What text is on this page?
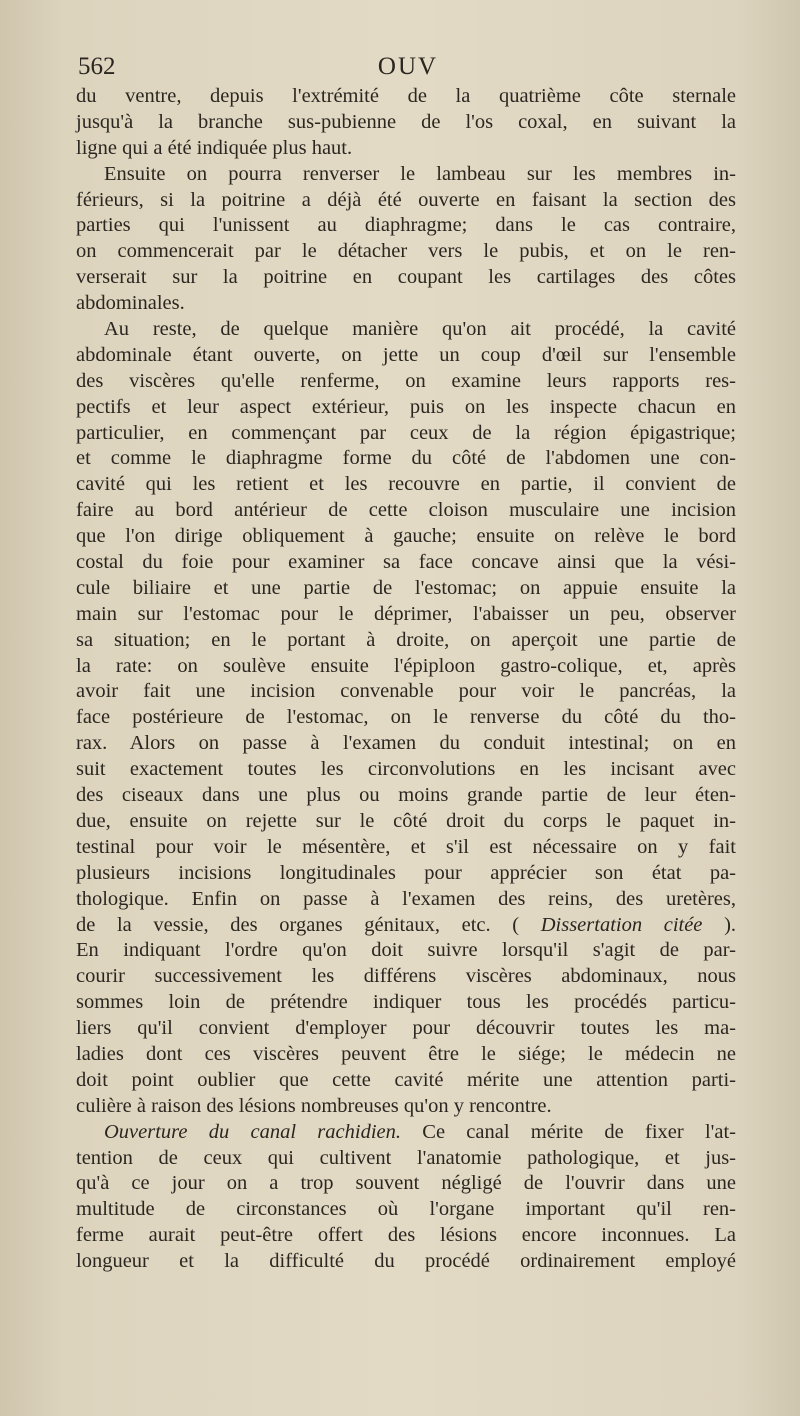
562	OUV
du ventre, depuis l'extrémité de la quatrième côte sternale
jusqu'à la branche sus-pubienne de l'os coxal, en suivant la
ligne qui a été indiquée plus haut.
Ensuite on pourra renverser le lambeau sur les membres in-
férieurs, si la poitrine a déjà été ouverte en faisant la section des
parties qui l'unissent au diaphragme; dans le cas contraire,
on commencerait par le détacher vers le pubis, et on le ren-
verserait sur la poitrine en coupant les cartilages des côtes
abdominales.
Au reste, de quelque manière qu'on ait procédé, la cavité
abdominale étant ouverte, on jette un coup d'œil sur l'ensemble
des viscères qu'elle renferme, on examine leurs rapports res-
pectifs et leur aspect extérieur, puis on les inspecte chacun en
particulier, en commençant par ceux de la région épigastrique;
et comme le diaphragme forme du côté de l'abdomen une con-
cavité qui les retient et les recouvre en partie, il convient de
faire au bord antérieur de cette cloison musculaire une incision
que l'on dirige obliquement à gauche; ensuite on relève le bord
costal du foie pour examiner sa face concave ainsi que la vési-
cule biliaire et une partie de l'estomac; on appuie ensuite la
main sur l'estomac pour le déprimer, l'abaisser un peu, observer
sa situation; en le portant à droite, on aperçoit une partie de
la rate: on soulève ensuite l'épiploon gastro-colique, et, après
avoir fait une incision convenable pour voir le pancréas, la
face postérieure de l'estomac, on le renverse du côté du tho-
rax. Alors on passe à l'examen du conduit intestinal; on en
suit exactement toutes les circonvolutions en les incisant avec
des ciseaux dans une plus ou moins grande partie de leur éten-
due, ensuite on rejette sur le côté droit du corps le paquet in-
testinal pour voir le mésentère, et s'il est nécessaire on y fait
plusieurs incisions longitudinales pour apprécier son état pa-
thologique. Enfin on passe à l'examen des reins, des uretères,
de la vessie, des organes génitaux, etc. ( Dissertation citée ).
En indiquant l'ordre qu'on doit suivre lorsqu'il s'agit de par-
courir successivement les différens viscères abdominaux, nous
sommes loin de prétendre indiquer tous les procédés particu-
liers qu'il convient d'employer pour découvrir toutes les ma-
ladies dont ces viscères peuvent être le siége; le médecin ne
doit point oublier que cette cavité mérite une attention parti-
culière à raison des lésions nombreuses qu'on y rencontre.
Ouverture du canal rachidien. Ce canal mérite de fixer l'at-
tention de ceux qui cultivent l'anatomie pathologique, et jus-
qu'à ce jour on a trop souvent négligé de l'ouvrir dans une
multitude de circonstances où l'organe important qu'il ren-
ferme aurait peut-être offert des lésions encore inconnues. La
longueur et la difficulté du procédé ordinairement employé
